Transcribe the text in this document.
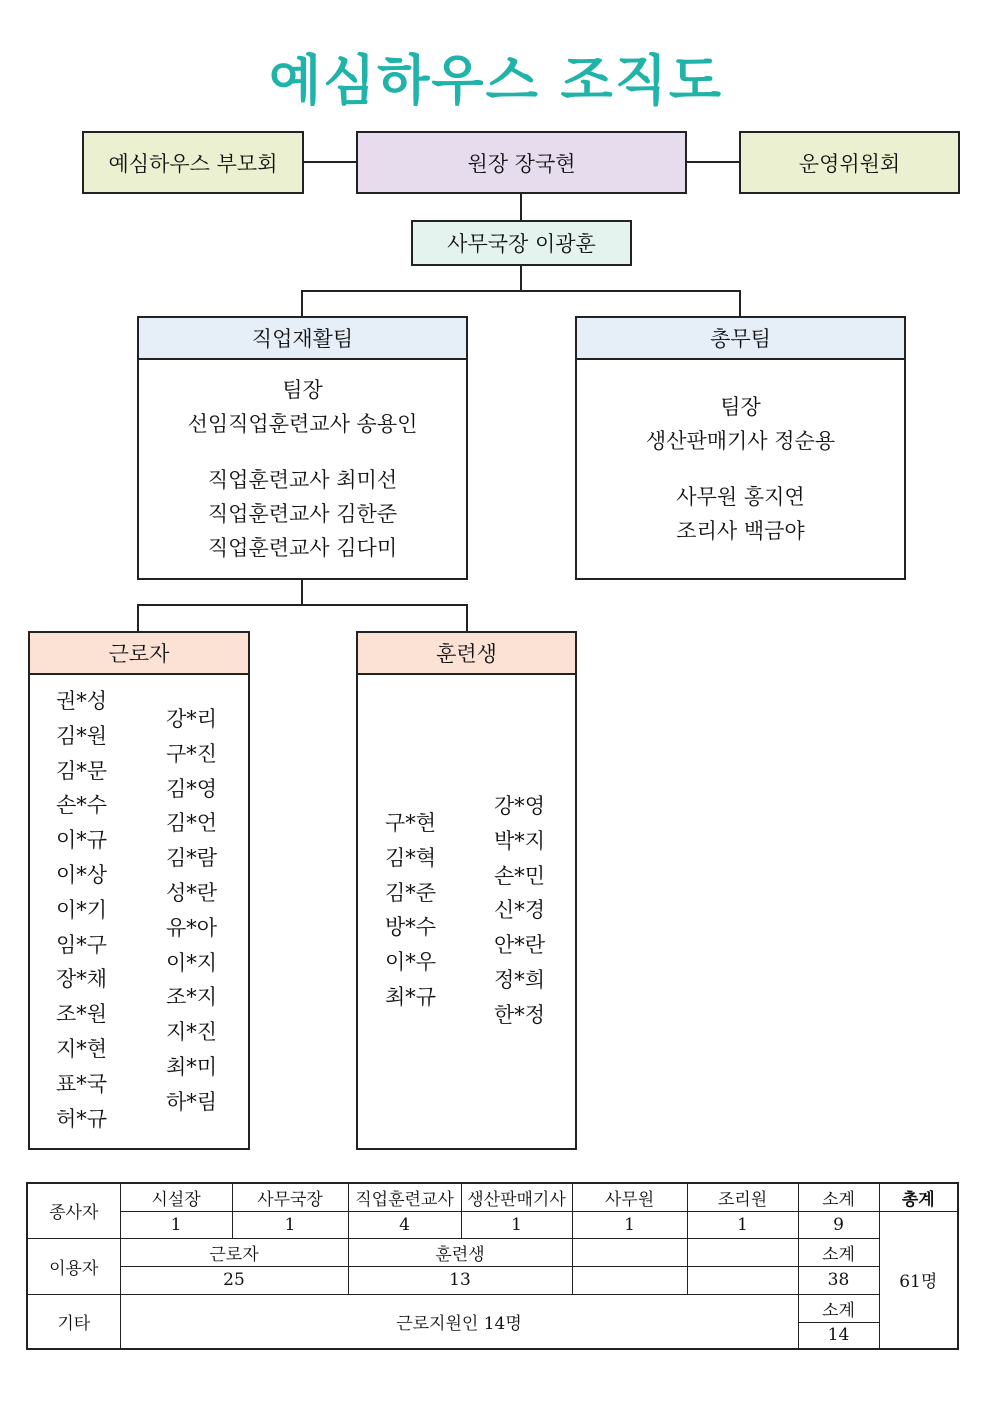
예심하우스 조직도
예심하우스 부모회	원장 장국현	운영위원회
사무국장 이광훈
직업재활팀
팀장
선임직업훈련교사 송용인
직업훈련교사 최미선
직업훈련교사 김한준
직업훈련교사 김다미
총무팀
팀장
생산판매기사 정순용
사무원 홍지연
조리사 백금야
근로자
권*성
김*원
김*문
손*수
이*규
이*상
이*기
임*구
장*채
조*원
지*현
표*국
허*규
강*리
구*진
김*영
김*언
김*람
성*란
유*아
이*지
조*지
지*진
최*미
하*림
훈련생
구*현
김*혁
김*준
방*수
이*우
최*규
강*영
박*지
손*민
신*경
안*란
정*희
한*정
종사자	시설장	사무국장	직업훈련교사	생산판매기사	사무원	조리원	소계	총계
	1	1	4	1	1	1	9	61명
이용자	근로자		훈련생				소계	
	25		13				38	
기타	근로지원인 14명						소계	
							14	
